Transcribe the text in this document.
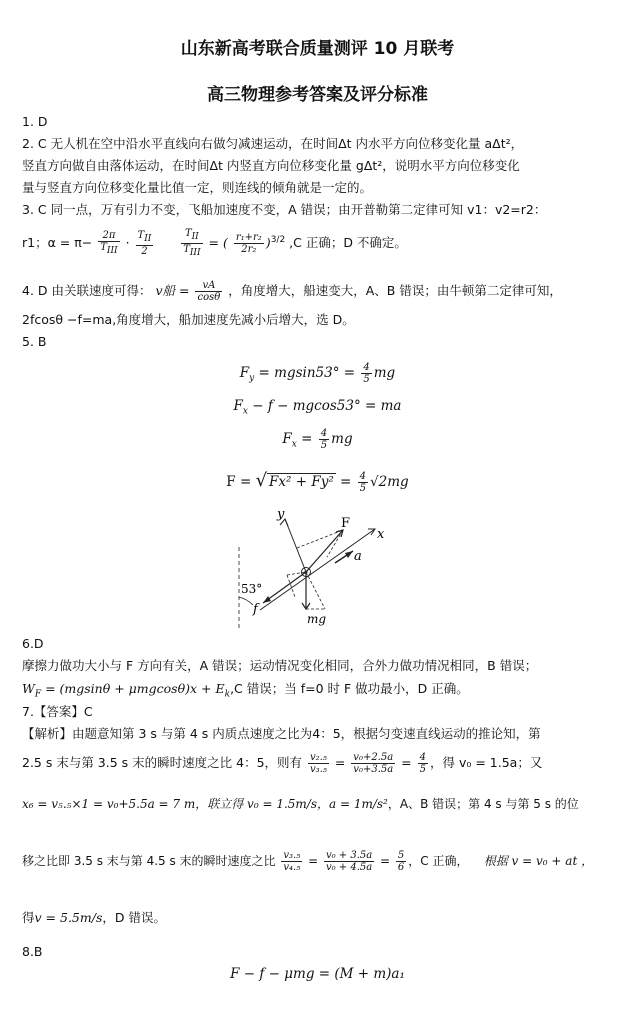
山东新高考联合质量测评 10 月联考
高三物理参考答案及评分标准
1. D
2. C 无人机在空中沿水平直线向右做匀减速运动，在时间Δt 内水平方向位移变化量 aΔt²，
竖直方向做自由落体运动，在时间Δt 内竖直方向位移变化量 gΔt²，说明水平方向位移变化
量与竖直方向位移变化量比值一定，则连线的倾角就是一定的。
3. C 同一点，万有引力不变，飞船加速度不变，A 错误；由开普勒第二定律可知 v1：v2=r2：
r1；$\alpha = \pi- \frac{2\pi}{\text{TIII}} \cdot \frac{\text{TII}}{2}$
	$\frac{\text{TII}}{\text{TIII}}$ = ( $\frac{\text{r₁+r₂}}{\text{2r₂}} )^{3/2}$ ,C 正确；D 不确定。
4. D 由关联速度可得： v船 = $\frac{vA}{\cos\theta}$ ，角度增大，船速变大，A、B 错误；由牛顿第二定律可知，
2fcosθ −f=ma,角度增大，船加速度先减小后增大，选 D。
5. B
$F_y = mgsin53^\circ = \frac{4}{5}$ mg
$F_x - f - mgcos53^\circ$ = ma
$F_x = \frac{4}{5}$ mg
F = √ $Fx^2 + Fy^2 = \frac{4}{5} √2mg$
y
F
x
a
53°
f
mg
6.D
摩擦力做功大小与 F 方向有关，A 错误；运动情况变化相同，合外力做功情况相同，B 错误；
$W_F = (mgsin\theta + \mu mgcos\theta)x + E_k,C$ 错误；当 f=0 时 F 做功最小，D 正确。
7.【答案】C
【解析】由题意知第 3 s 与第 4 s 内质点速度之比为4：5，根据匀变速直线运动的推论知，第
2.5 s 末与第 3.5 s 末的瞬时速度之比 4：5，则有 $\frac{\text{v₂.₅}}{\text{v₃.₅}} = \frac{\text{v₀+2.5a}}{\text{v₀+3.5a}} = \frac{4}{5}$ ，得 v₀ = 1.5a；又
x₆ = v₅.₅×1 = v₀+5.5a = 7 m，联立得 v₀ = 1.5m/s，a = 1m/s²，A、B 错误；第 4 s 与第 5 s 的位
移之比即 3.5 s 末与第 4.5 s 末的瞬时速度之比 $\frac{\text{v₃.₅}}{\text{v₄.₅}} = \frac{\text{v₀ + 3.5a}}{\text{v₀ + 4.5a}} = \frac{5}{6}$ ，C 正确， 根据 v = v₀ + at ，
得v = 5.5m/s，D 错误。
8.B
F − f − μmg = (M + m)a₁
